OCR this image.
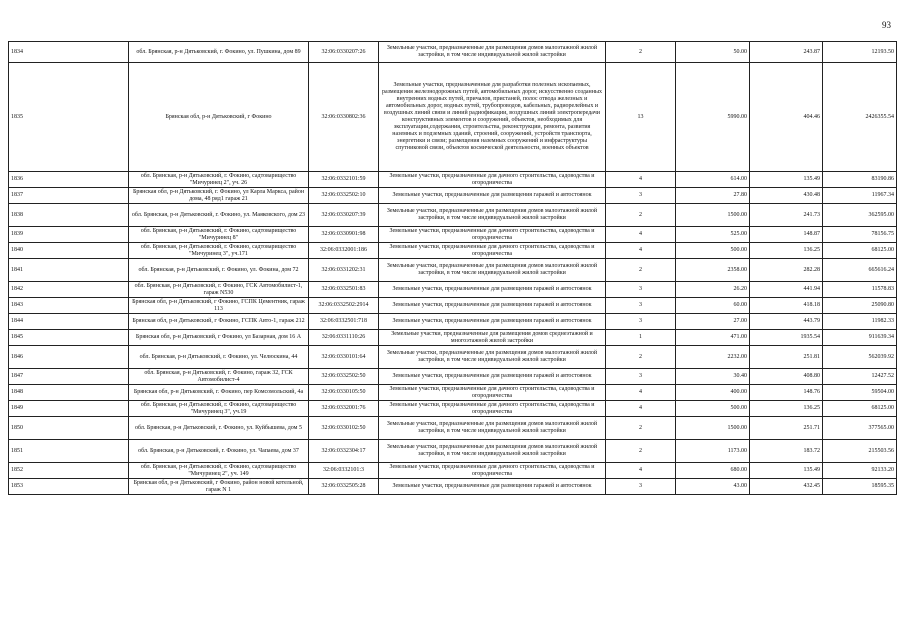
93
1834	обл. Брянская, р-н Дятьковский, г. Фокино, ул. Пушкина, дом 89	32:06:0330207:26	Земельные участки, предназначенные для размещения домов малоэтажной жилой застройки, в том числе индивидуальной жилой застройки	2	50.00	243.87	12193.50
1835	Брянская обл, р-н Дятьковский, г Фокино	32:06:0330802:36	Земельные участки, предназначенные для разработки полезных ископаемых, размещения железнодорожных путей, автомобильных дорог, искусственно созданных внутренних водных путей, причалов, пристаней, полос отвода железных и автомобильных дорог, водных путей, трубопроводов, кабельных, радиорелейных и воздушных линий связи и линий радиофикации, воздушных линий электропередачи конструктивных элементов и сооружений, объектов, необходимых для эксплуатации,содержания, строительства, реконструкции, ремонта, развития наземных и подземных зданий, строений, сооружений, устройств транспорта, энергетики и связи; размещения наземных сооружений и инфраструктуры спутниковой связи, объектов космической деятельности, военных объектов	13	5990.00	404.46	2426355.54
1836	обл. Брянская, р-н Дятьковский, г. Фокино, садтоварищество "Мичуринец 2", уч. 26	32:06:0332101:59	Земельные участки, предназначенные для дачного строительства, садоводства и огородничества	4	614.00	135.49	83190.86
1837	Брянская обл, р-н Дятьковский, г. Фокино, ул Карла Маркса, район дома, 48 ряд1 гараж 21	32:06:0332502:10	Земельные участки, предназначенные для размещения гаражей и автостоянок	3	27.80	430.48	11967.34
1838	обл. Брянская, р-н Дятьковский, г. Фокино, ул. Маяковского, дом 23	32:06:0330207:39	Земельные участки, предназначенные для размещения домов малоэтажной жилой застройки, в том числе индивидуальной жилой застройки	2	1500.00	241.73	362595.00
1839	обл. Брянская, р-н Дятьковский, г. Фокино, садтоварищество "Мичуринец 8"	32:06:0330901:98	Земельные участки, предназначенные для дачного строительства, садоводства и огородничества	4	525.00	148.87	78156.75
1840	обл. Брянская, р-н Дятьковский, г. Фокино, садтоварищество "Мичуринец 3", уч.171	32:06:0332001:186	Земельные участки, предназначенные для дачного строительства, садоводства и огородничества	4	500.00	136.25	68125.00
1841	обл. Брянская, р-н Дятьковский, г. Фокино, ул. Фокина, дом 72	32:06:0331202:31	Земельные участки, предназначенные для размещения домов малоэтажной жилой застройки, в том числе индивидуальной жилой застройки	2	2358.00	282.28	665616.24
1842	обл. Брянская, р-н Дятьковский, г. Фокино, ГСК Автомобилист-1, гараж N530	32:06:0332501:83	Земельные участки, предназначенные для размещения гаражей и автостоянок	3	26.20	441.94	11578.83
1843	Брянская обл, р-н Дятьковский, г Фокино, ГСПК Цементник, гараж 113	32:06:0332502:2914	Земельные участки, предназначенные для размещения гаражей и автостоянок	3	60.00	418.18	25090.80
1844	Брянская обл, р-н Дятьковский, г Фокино, ГСПК Авто-1, гараж 212	32:06:0332501:718	Земельные участки, предназначенные для размещения гаражей и автостоянок	3	27.00	443.79	11982.33
1845	Брянская обл, р-н Дятьковский, г Фокино, ул Базарная, дом 16 А	32:06:0331110:26	Земельные участки, предназначенные для размещения домов среднеэтажной и многоэтажной жилой застройки	1	471.00	1935.54	911639.34
1846	обл. Брянская, р-н Дятьковский, г. Фокино, ул. Челюскина, 44	32:06:0330101:64	Земельные участки, предназначенные для размещения домов малоэтажной жилой застройки, в том числе индивидуальной жилой застройки	2	2232.00	251.81	562039.92
1847	обл. Брянская, р-н Дятьковский, г. Фокино, гараж 32, ГСК Автомобилист-4	32:06:0332502:50	Земельные участки, предназначенные для размещения гаражей и автостоянок	3	30.40	408.80	12427.52
1848	Брянская обл, р-н Дятьковский, г. Фокино, пер Комсомольский, 4а	32:06:0330105:50	Земельные участки, предназначенные для дачного строительства, садоводства и огородничества	4	400.00	148.76	59504.00
1849	обл. Брянская, р-н Дятьковский, г. Фокино, садтоварищество "Мичуринец 3", уч.19	32:06:0332001:76	Земельные участки, предназначенные для дачного строительства, садоводства и огородничества	4	500.00	136.25	68125.00
1850	обл. Брянская, р-н Дятьковский, г. Фокино, ул. Куйбышева, дом 5	32:06:0330102:50	Земельные участки, предназначенные для размещения домов малоэтажной жилой застройки, в том числе индивидуальной жилой застройки	2	1500.00	251.71	377565.00
1851	обл. Брянская, р-н Дятьковский, г. Фокино, ул. Чапаева, дом 37	32:06:0332304:17	Земельные участки, предназначенные для размещения домов малоэтажной жилой застройки, в том числе индивидуальной жилой застройки	2	1173.00	183.72	215503.56
1852	обл. Брянская, р-н Дятьковский, г. Фокино, садтоварищество "Мичуринец 2", уч. 149	32:06:0332101:3	Земельные участки, предназначенные для дачного строительства, садоводства и огородничества	4	680.00	135.49	92133.20
1853	Брянская обл, р-н Дятьковский, г Фокино, район новой котельной, гараж N 1	32:06:0332505:28	Земельные участки, предназначенные для размещения гаражей и автостоянок	3	43.00	432.45	18595.35
